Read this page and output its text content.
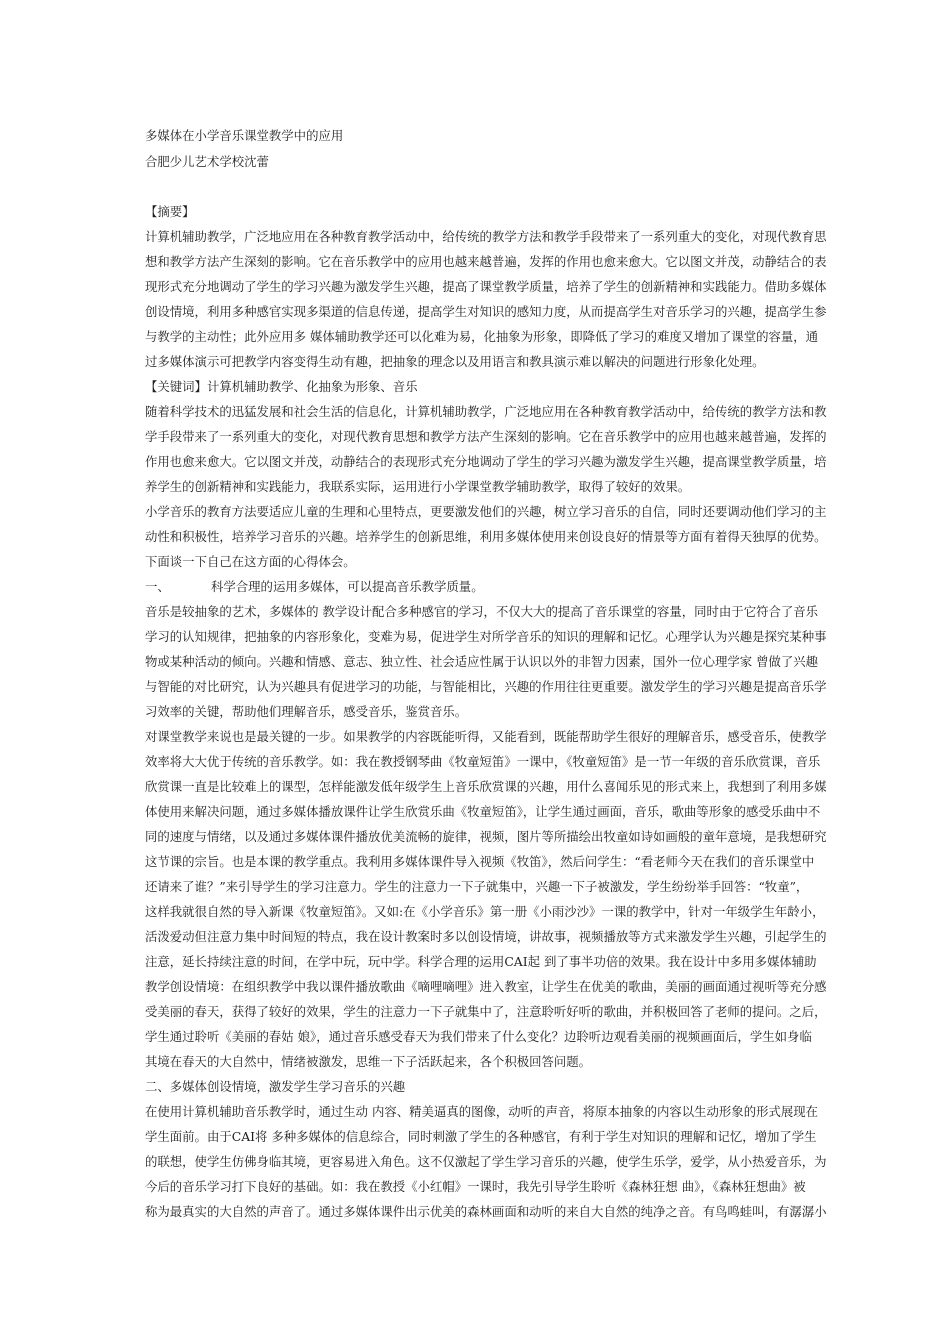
多媒体在小学音乐课堂教学中的应用

合肥少儿艺术学校沈蕾

【摘要】

计算机辅助教学，广泛地应用在各种教育教学活动中，给传统的教学方法和教学手段带来了一系列重大的变化，对现代教育思

想和教学方法产生深刻的影响。它在音乐教学中的应用也越来越普遍，发挥的作用也愈来愈大。它以图文并茂，动静结合的表

现形式充分地调动了学生的学习兴趣为激发学生兴趣，提高了课堂教学质量，培养了学生的创新精神和实践能力。借助多媒体

创设情境，利用多种感官实现多渠道的信息传递，提高学生对知识的感知力度，从而提高学生对音乐学习的兴趣，提高学生参

与教学的主动性；此外应用多 媒体辅助教学还可以化难为易，化抽象为形象，即降低了学习的难度又增加了课堂的容量，通

过多媒体演示可把教学内容变得生动有趣，把抽象的理念以及用语言和教具演示难以解决的问题进行形象化处理。

【关键词】计算机辅助教学、化抽象为形象、音乐

随着科学技术的迅猛发展和社会生活的信息化，计算机辅助教学，广泛地应用在各种教育教学活动中，给传统的教学方法和教

学手段带来了一系列重大的变化，对现代教育思想和教学方法产生深刻的影响。它在音乐教学中的应用也越来越普遍，发挥的

作用也愈来愈大。它以图文并茂，动静结合的表现形式充分地调动了学生的学习兴趣为激发学生兴趣，提高课堂教学质量，培

养学生的创新精神和实践能力，我联系实际，运用进行小学课堂教学辅助教学，取得了较好的效果。

小学音乐的教育方法要适应儿童的生理和心里特点，更要激发他们的兴趣，树立学习音乐的自信，同时还要调动他们学习的主

动性和积极性，培养学习音乐的兴趣。培养学生的创新思维，利用多媒体使用来创设良好的情景等方面有着得天独厚的优势。

下面谈一下自己在这方面的心得体会。

一、	科学合理的运用多媒体，可以提高音乐教学质量。

音乐是较抽象的艺术，多媒体的 教学设计配合多种感官的学习，不仅大大的提高了音乐课堂的容量，同时由于它符合了音乐

学习的认知规律，把抽象的内容形象化，变难为易，促进学生对所学音乐的知识的理解和记忆。心理学认为兴趣是探究某种事

物或某种活动的倾向。兴趣和情感、意志、独立性、社会适应性属于认识以外的非智力因素，国外一位心理学家 曾做了兴趣

与智能的对比研究，认为兴趣具有促进学习的功能，与智能相比，兴趣的作用往往更重要。激发学生的学习兴趣是提高音乐学

习效率的关键，帮助他们理解音乐，感受音乐，鉴赏音乐。

对课堂教学来说也是最关键的一步。如果教学的内容既能听得，又能看到，既能帮助学生很好的理解音乐，感受音乐，使教学

效率将大大优于传统的音乐教学。如：我在教授钢琴曲《牧童短笛》一课中，《牧童短笛》是一节一年级的音乐欣赏课，音乐

欣赏课一直是比较难上的课型，怎样能激发低年级学生上音乐欣赏课的兴趣，用什么喜闻乐见的形式来上，我想到了利用多媒

体使用来解决问题，通过多媒体播放课件让学生欣赏乐曲《牧童短笛》，让学生通过画面，音乐，歌曲等形象的感受乐曲中不

同的速度与情绪，以及通过多媒体课件播放优美流畅的旋律，视频，图片等所描绘出牧童如诗如画般的童年意境，是我想研究

这节课的宗旨。也是本课的教学重点。我利用多媒体课件导入视频《牧笛》，然后问学生：“看老师今天在我们的音乐课堂中

还请来了谁？”来引导学生的学习注意力。学生的注意力一下子就集中，兴趣一下子被激发，学生纷纷举手回答：“牧童”，

这样我就很自然的导入新课《牧童短笛》。又如:在《小学音乐》第一册《小雨沙沙》一课的教学中，针对一年级学生年龄小，

活泼爱动但注意力集中时间短的特点，我在设计教案时多以创设情境，讲故事，视频播放等方式来激发学生兴趣，引起学生的

注意，延长持续注意的时间，在学中玩，玩中学。科学合理的运用CAI起 到了事半功倍的效果。我在设计中多用多媒体辅助

教学创设情境：在组织教学中我以课件播放歌曲《嘀哩嘀哩》进入教室，让学生在优美的歌曲，美丽的画面通过视听等充分感

受美丽的春天，获得了较好的效果，学生的注意力一下子就集中了，注意聆听好听的歌曲，并积极回答了老师的提问。之后，

学生通过聆听《美丽的春姑 娘》，通过音乐感受春天为我们带来了什么变化？边聆听边观看美丽的视频画面后，学生如身临

其境在春天的大自然中，情绪被激发，思维一下子活跃起来，各个积极回答问题。

二、多媒体创设情境，激发学生学习音乐的兴趣

在使用计算机辅助音乐教学时，通过生动 内容、精美逼真的图像，动听的声音，将原本抽象的内容以生动形象的形式展现在

学生面前。由于CAI将 多种多媒体的信息综合，同时刺激了学生的各种感官，有利于学生对知识的理解和记忆，增加了学生

的联想，使学生仿佛身临其境，更容易进入角色。这不仅激起了学生学习音乐的兴趣，使学生乐学，爱学，从小热爱音乐，为

今后的音乐学习打下良好的基础。如：我在教授《小红帽》一课时，我先引导学生聆听《森林狂想 曲》，《森林狂想曲》被

称为最真实的大自然的声音了。通过多媒体课件出示优美的森林画面和动听的来自大自然的纯净之音。有鸟鸣蛙叫，有潺潺小
